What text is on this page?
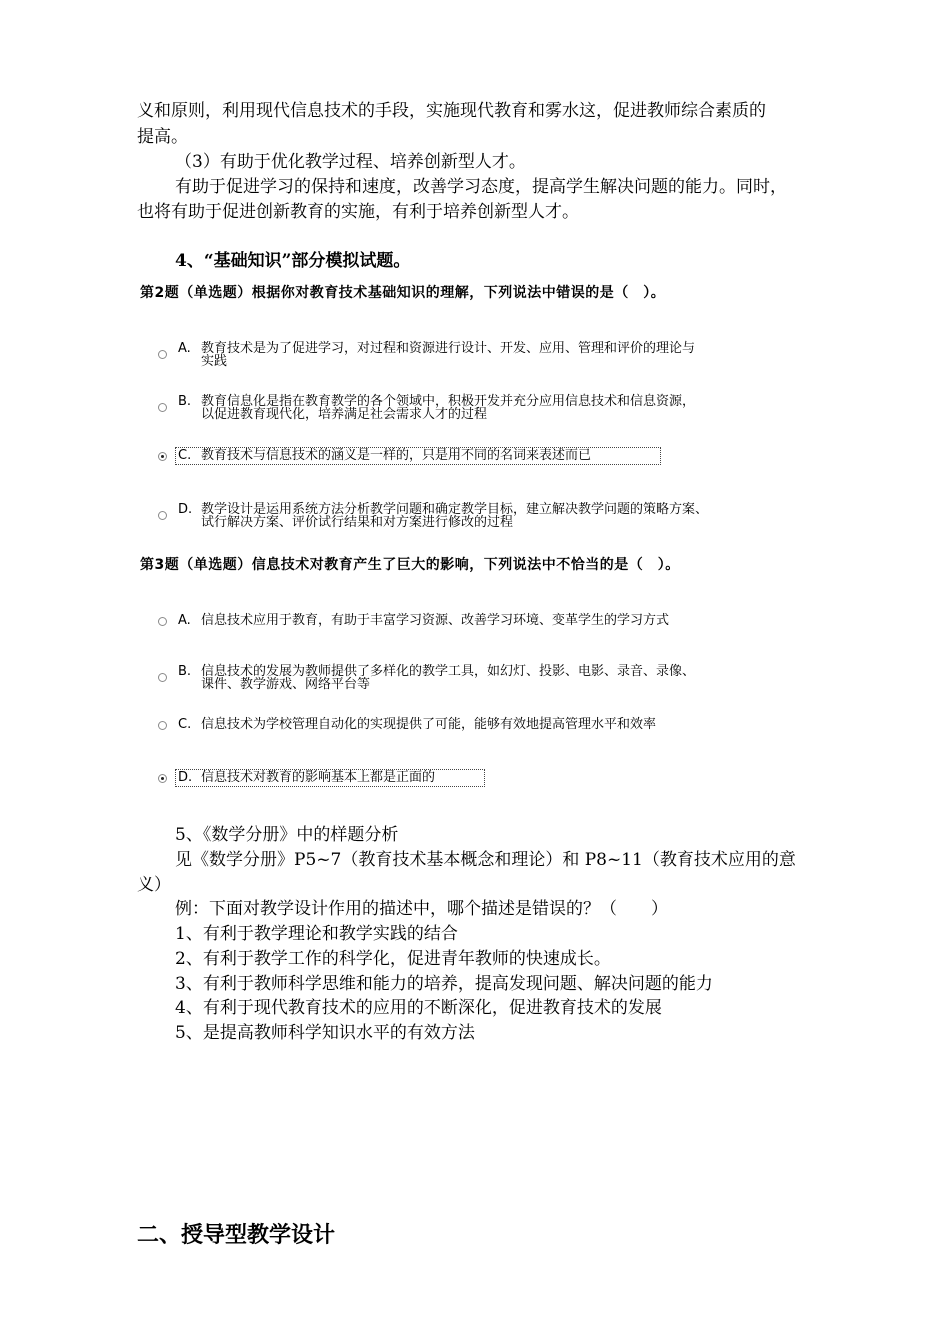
义和原则，利用现代信息技术的手段，实施现代教育和雾水这，促进教师综合素质的
提高。
（3）有助于优化教学过程、培养创新型人才。
有助于促进学习的保持和速度，改善学习态度，提高学生解决问题的能力。同时，
也将有助于促进创新教育的实施，有利于培养创新型人才。
4、“基础知识”部分模拟试题。
第2题（单选题）根据你对教育技术基础知识的理解，下列说法中错误的是（　）。
A. 教育技术是为了促进学习，对过程和资源进行设计、开发、应用、管理和评价的理论与
实践
B. 教育信息化是指在教育教学的各个领域中，积极开发并充分应用信息技术和信息资源，
以促进教育现代化，培养满足社会需求人才的过程
C. 教育技术与信息技术的涵义是一样的，只是用不同的名词来表述而已
D. 教学设计是运用系统方法分析教学问题和确定教学目标，建立解决教学问题的策略方案、
试行解决方案、评价试行结果和对方案进行修改的过程
第3题（单选题）信息技术对教育产生了巨大的影响，下列说法中不恰当的是（　）。
A. 信息技术应用于教育，有助于丰富学习资源、改善学习环境、变革学生的学习方式
B. 信息技术的发展为教师提供了多样化的教学工具，如幻灯、投影、电影、录音、录像、
课件、教学游戏、网络平台等
C. 信息技术为学校管理自动化的实现提供了可能，能够有效地提高管理水平和效率
D. 信息技术对教育的影响基本上都是正面的
5、《数学分册》中的样题分析
见《数学分册》P5~7（教育技术基本概念和理论）和 P8~11（教育技术应用的意
义）
例：下面对教学设计作用的描述中，哪个描述是错误的？（　　）
1、有利于教学理论和教学实践的结合
2、有利于教学工作的科学化，促进青年教师的快速成长。
3、有利于教师科学思维和能力的培养，提高发现问题、解决问题的能力
4、有利于现代教育技术的应用的不断深化，促进教育技术的发展
5、是提高教师科学知识水平的有效方法
二、授导型教学设计
